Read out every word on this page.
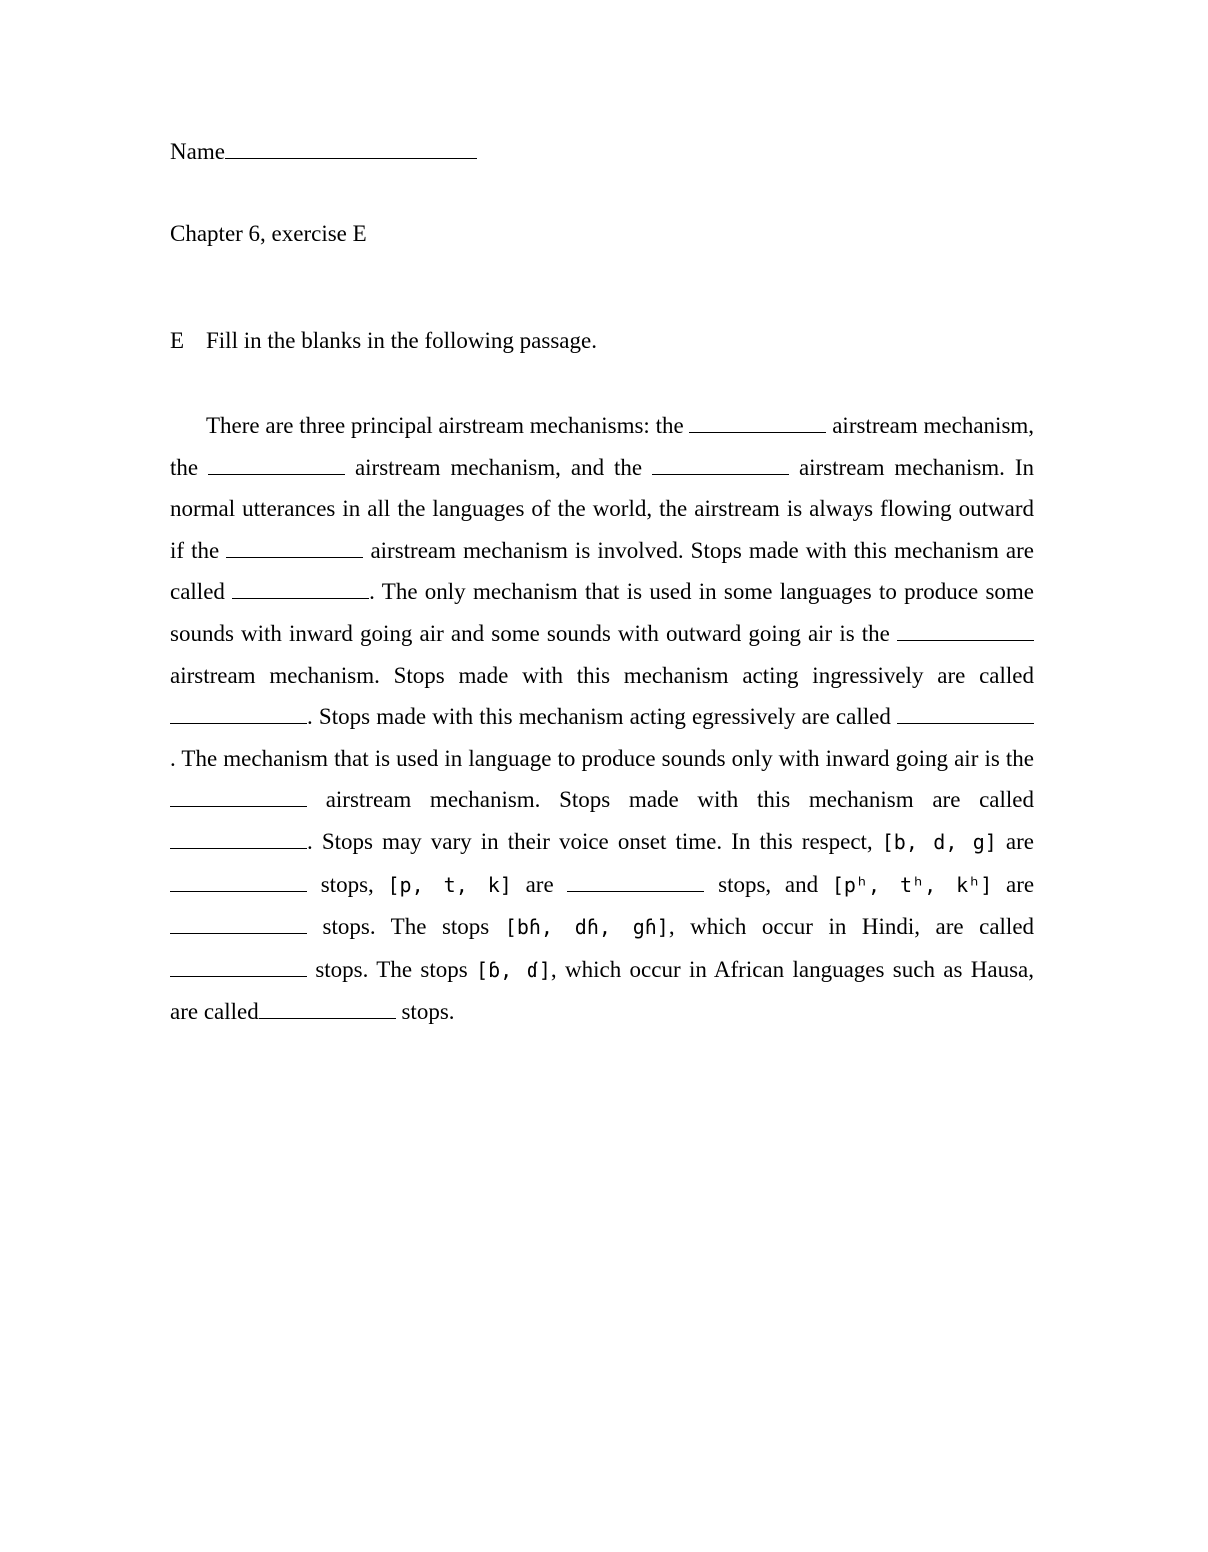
Name
Chapter 6, exercise E
E Fill in the blanks in the following passage.
There are three principal airstream mechanisms: the	airstream mechanism, the	airstream mechanism, and the	airstream mechanism. In normal utterances in all the languages of the world, the airstream is always flowing outward if the	airstream mechanism is involved. Stops made with this mechanism are called	. The only mechanism that is used in some languages to produce some sounds with inward going air and some sounds with outward going air is the  airstream mechanism. Stops made with this mechanism acting ingressively are called . Stops made with this mechanism acting egressively are called . The mechanism that is used in language to produce sounds only with inward going air is the  airstream mechanism. Stops made with this mechanism are called . Stops may vary in their voice onset time. In this respect, [b, d, g] are stops, [p, t, k] are	stops, and [pʰ, tʰ, kʰ] are  stops. The stops [bɦ, dɦ, gɦ], which occur in Hindi, are called  stops. The stops [ɓ, ɗ], which occur in African languages such as Hausa, are called	stops.
